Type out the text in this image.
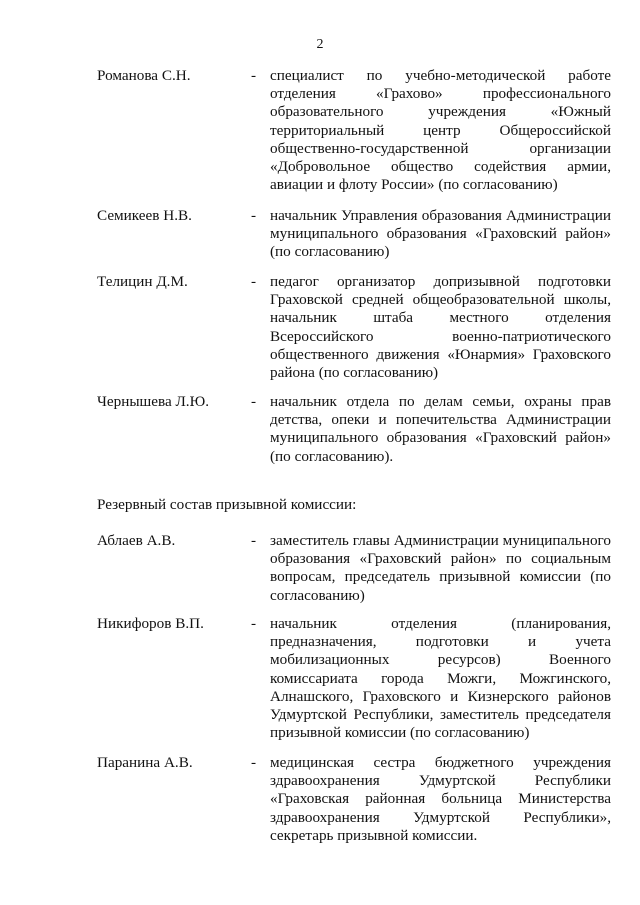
2
Романова С.Н.	- специалист по учебно-методической работе отделения «Грахово» профессионального образовательного учреждения «Южный территориальный центр Общероссийской общественно-государственной организации «Добровольное общество содействия армии, авиации и флоту России» (по согласованию)
Семикеев Н.В.	- начальник Управления образования Администрации муниципального образования «Граховский район» (по согласованию)
Телицин Д.М.	- педагог организатор допризывной подготовки Граховской средней общеобразовательной школы, начальник штаба местного отделения Всероссийского военно-патриотического общественного движения «Юнармия» Граховского района (по согласованию)
Чернышева Л.Ю.	- начальник отдела по делам семьи, охраны прав детства, опеки и попечительства Администрации муниципального образования «Граховский район» (по согласованию).
Резервный состав призывной комиссии:
Аблаев А.В.	- заместитель главы Администрации муниципального образования «Граховский район» по социальным вопросам, председатель призывной комиссии (по согласованию)
Никифоров В.П.	- начальник отделения (планирования, предназначения, подготовки и учета мобилизационных ресурсов) Военного комиссариата города Можги, Можгинского, Алнашского, Граховского и Кизнерского районов Удмуртской Республики, заместитель председателя призывной комиссии (по согласованию)
Паранина А.В.	- медицинская сестра бюджетного учреждения здравоохранения Удмуртской Республики «Граховская районная больница Министерства здравоохранения Удмуртской Республики», секретарь призывной комиссии.
